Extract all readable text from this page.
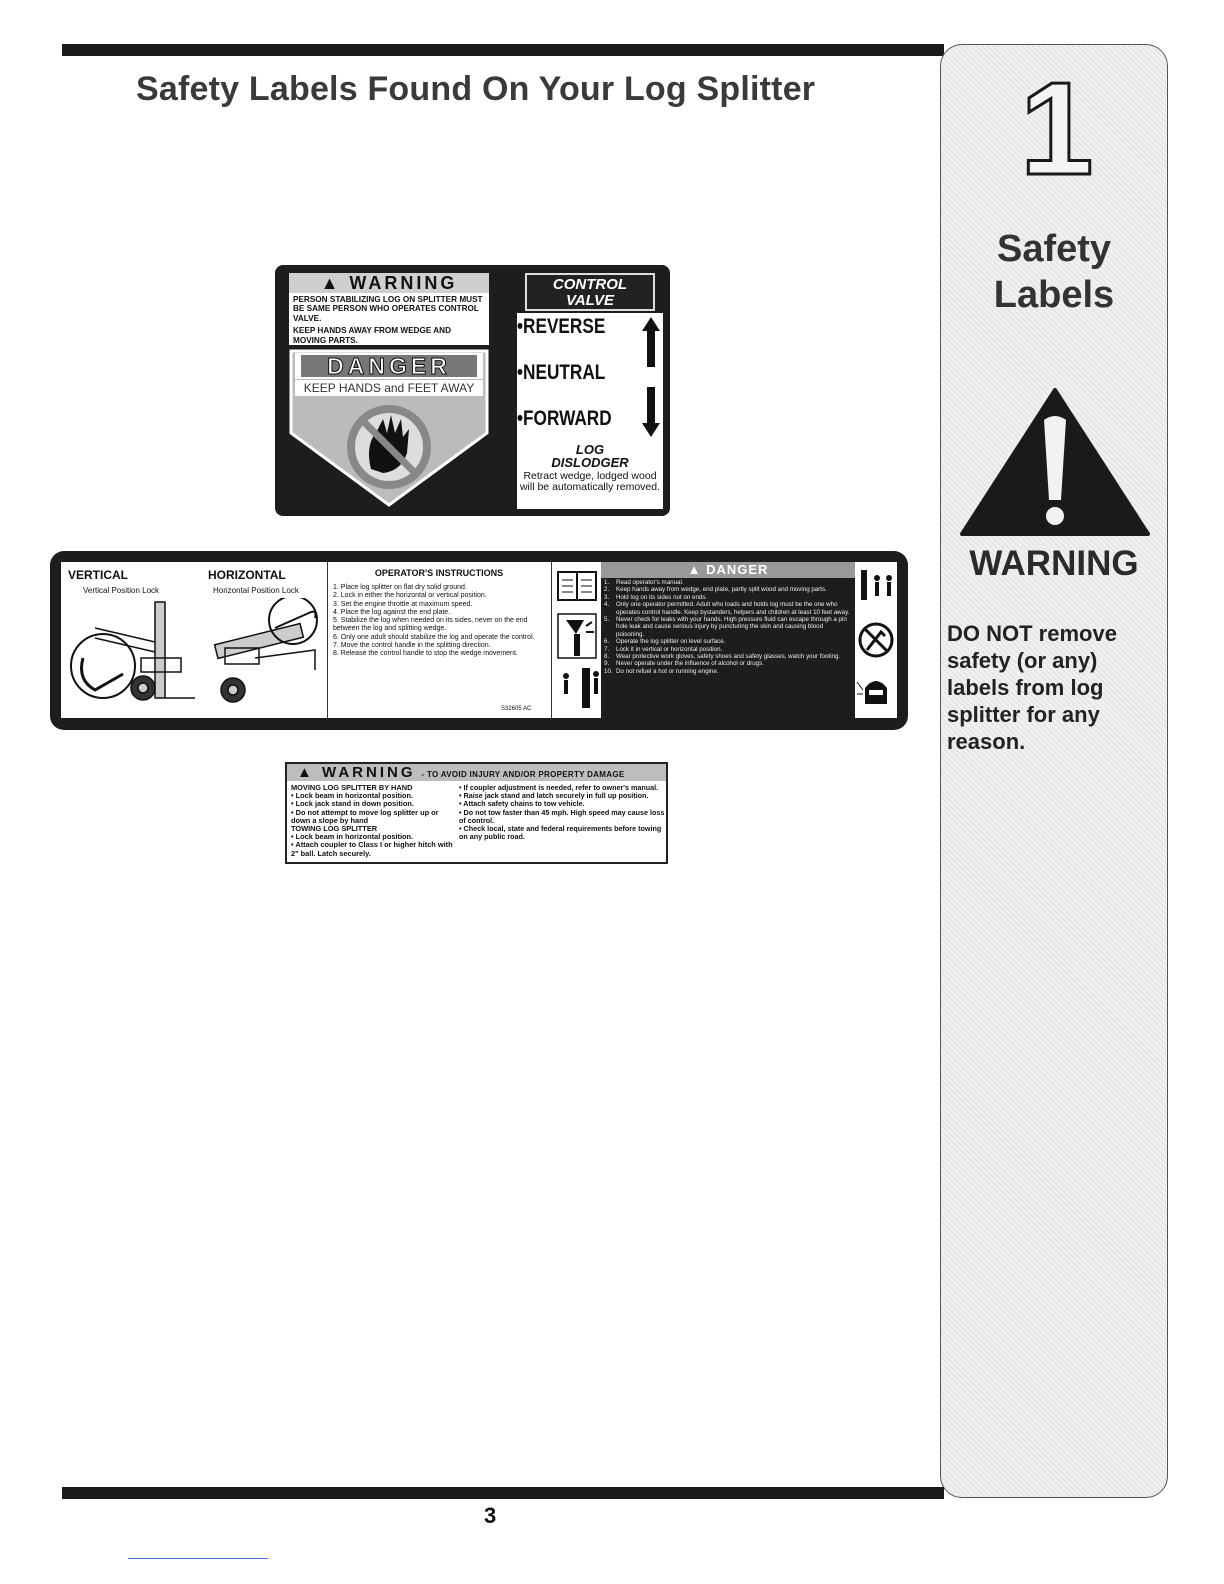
Safety Labels Found On Your Log Splitter 1
Safety
Labels
WARNING
DO NOT remove safety (or any) labels from log splitter for any reason.
▲ WARNING

PERSON STABILIZING LOG ON SPLITTER MUST BE SAME PERSON WHO OPERATES CONTROL VALVE.

KEEP HANDS AWAY FROM WEDGE AND MOVING PARTS.

DANGER
KEEP HANDS and FEET AWAY
CONTROL
VALVE
•REVERSE
•NEUTRAL
•FORWARD
LOG
DISLODGER
Retract wedge, lodged wood will be automatically removed.
VERTICAL	HORIZONTAL
Vertical Position Lock	Horizontal Position Lock
OPERATOR'S INSTRUCTIONS
1. Place log splitter on flat dry solid ground.
2. Lock in either the horizontal or vertical position.
3. Set the engine throttle at maximum speed.
4. Place the log against the end plate.
5. Stabilize the log when needed on its sides, never on the end between the log and splitting wedge.
6. Only one adult should stabilize the log and operate the control.
7. Move the control handle in the splitting direction.
8. Release the control handle to stop the wedge movement.
S32605 AC
▲ DANGER
1.	Read operator's manual.
2.	Keep hands away from wedge, end plate, partly split wood and moving parts.
3.	Hold log on its sides not on ends.
4.	Only one operator permitted. Adult who loads and holds log must be the one who operates control handle. Keep bystanders, helpers and children at least 10 feet away.
5.	Never check for leaks with your hands. High pressure fluid can escape through a pin hole leak and cause serious injury by puncturing the skin and causing blood poisoning.
6.	Operate the log splitter on level surface.
7.	Lock it in vertical or horizontal position.
8.	Wear protective work gloves, safety shoes and safety glasses, watch your footing.
9.	Never operate under the influence of alcohol or drugs.
10. Do not refuel a hot or running engine.
▲ WARNING - TO AVOID INJURY AND/OR PROPERTY DAMAGE
MOVING LOG SPLITTER BY HAND
• Lock beam in horizontal position.
• Lock jack stand in down position.
• Do not attempt to move log splitter up or down a slope by hand
TOWING LOG SPLITTER
• Lock beam in horizontal position.
• Attach coupler to Class I or higher hitch with 2" ball. Latch securely.
• If coupler adjustment is needed, refer to owner's manual.
• Raise jack stand and latch securely in full up position.
• Attach safety chains to tow vehicle.
• Do not tow faster than 45 mph. High speed may cause loss of control.
• Check local, state and federal requirements before towing on any public road.
3
